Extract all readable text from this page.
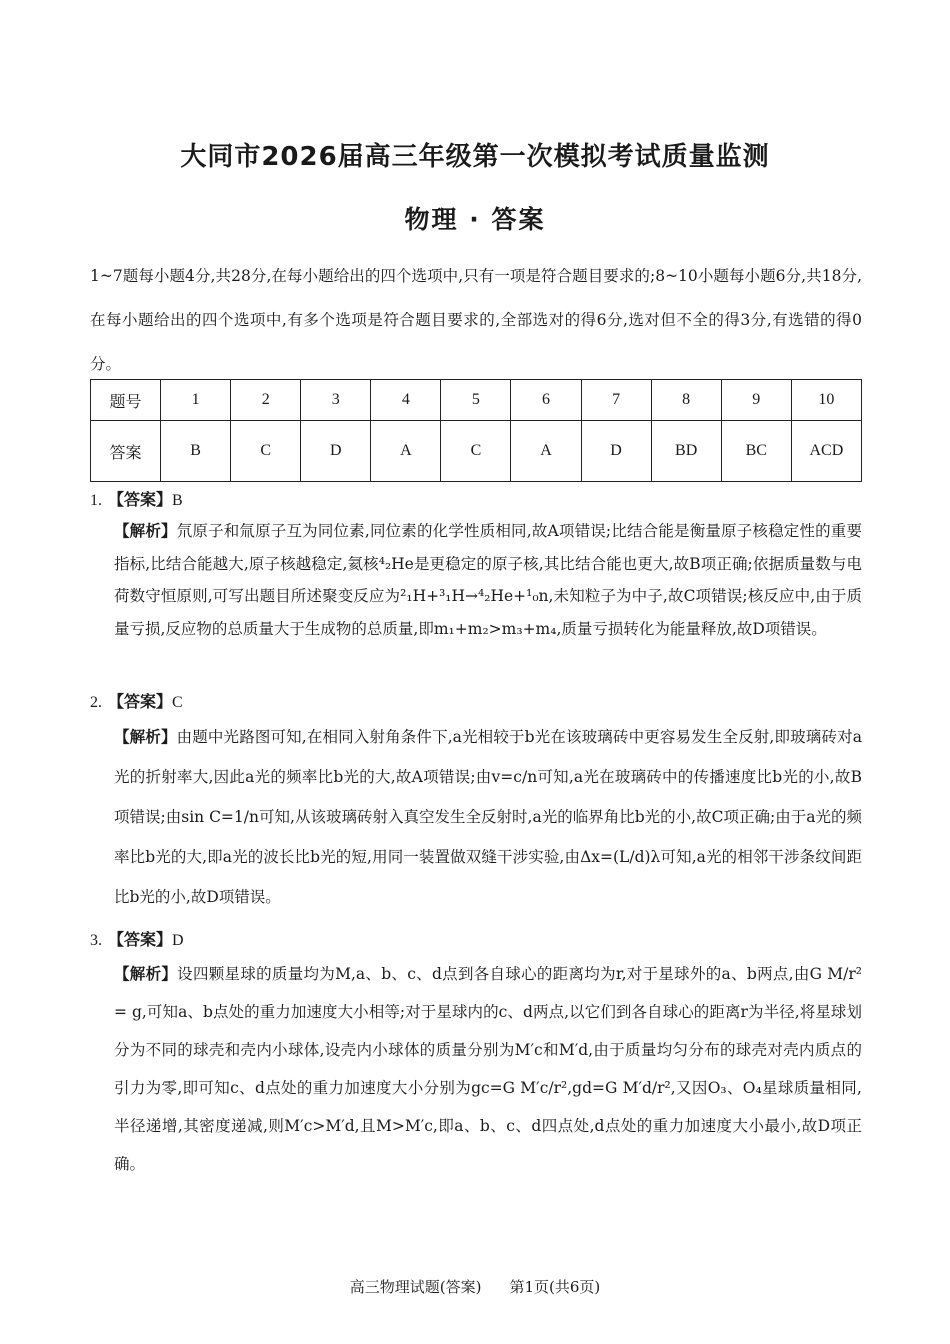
大同市2026届高三年级第一次模拟考试质量监测
物理 · 答案
1~7题每小题4分,共28分,在每小题给出的四个选项中,只有一项是符合题目要求的;8~10小题每小题6分,共18分,在每小题给出的四个选项中,有多个选项是符合题目要求的,全部选对的得6分,选对但不全的得3分,有选错的得0分。
题号	1	2	3	4	5	6	7	8	9	10
答案	B	C	D	A	C	A	D	BD	BC	ACD
1. 【答案】B
【解析】氘原子和氚原子互为同位素,同位素的化学性质相同,故A项错误;比结合能是衡量原子核稳定性的重要指标,比结合能越大,原子核越稳定,氦核⁴₂He是更稳定的原子核,其比结合能也更大,故B项正确;依据质量数与电荷数守恒原则,可写出题目所述聚变反应为²₁H+³₁H→⁴₂He+¹₀n,未知粒子为中子,故C项错误;核反应中,由于质量亏损,反应物的总质量大于生成物的总质量,即m₁+m₂>m₃+m₄,质量亏损转化为能量释放,故D项错误。
2. 【答案】C
【解析】由题中光路图可知,在相同入射角条件下,a光相较于b光在该玻璃砖中更容易发生全反射,即玻璃砖对a光的折射率大,因此a光的频率比b光的大,故A项错误;由v=c/n可知,a光在玻璃砖中的传播速度比b光的小,故B项错误;由sin C=1/n可知,从该玻璃砖射入真空发生全反射时,a光的临界角比b光的小,故C项正确;由于a光的频率比b光的大,即a光的波长比b光的短,用同一装置做双缝干涉实验,由Δx=(L/d)λ可知,a光的相邻干涉条纹间距比b光的小,故D项错误。
3. 【答案】D
【解析】设四颗星球的质量均为M,a、b、c、d点到各自球心的距离均为r,对于星球外的a、b两点,由G M/r² = g,可知a、b点处的重力加速度大小相等;对于星球内的c、d两点,以它们到各自球心的距离r为半径,将星球划分为不同的球壳和壳内小球体,设壳内小球体的质量分别为M′c和M′d,由于质量均匀分布的球壳对壳内质点的引力为零,即可知c、d点处的重力加速度大小分别为gc=G M′c/r²,gd=G M′d/r²,又因O₃、O₄星球质量相同,半径递增,其密度递减,则M′c>M′d,且M>M′c,即a、b、c、d四点处,d点处的重力加速度大小最小,故D项正确。
高三物理试题(答案) 第1页(共6页)
